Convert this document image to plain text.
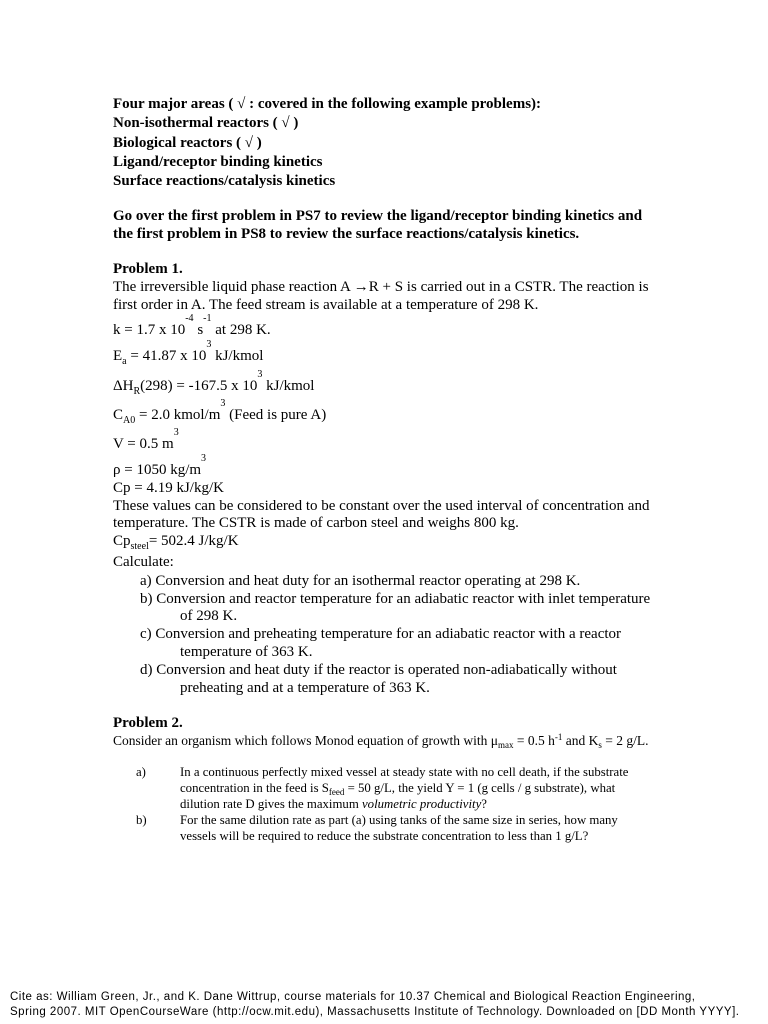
Four major areas ( √ : covered in the following example problems):
Non-isothermal reactors ( √ )
Biological reactors ( √ )
Ligand/receptor binding kinetics
Surface reactions/catalysis kinetics
Go over the first problem in PS7 to review the ligand/receptor binding kinetics and
the first problem in PS8 to review the surface reactions/catalysis kinetics.
Problem 1.
The irreversible liquid phase reaction A →R + S is carried out in a CSTR. The reaction is
first order in A. The feed stream is available at a temperature of 298 K.
k = 1.7 x $10^{-4}$ $s^{-1}$ at 298 K.
$E_a = 41.87$ x $10^3$ kJ/kmol
$\Delta H_R(298) = -167.5$ x $10^3$ kJ/kmol
$C_{A0} = 2.0$ kmol/$m^3$ (Feed is pure A)
V = 0.5 $m^3$
ρ = 1050 $kg/m^3$
Cp = 4.19 kJ/kg/K
These values can be considered to be constant over the used interval of concentration and
temperature. The CSTR is made of carbon steel and weighs 800 kg.
$Cp_{steel}= 502.4$ J/kg/K
Calculate:
a) Conversion and heat duty for an isothermal reactor operating at 298 K.
b) Conversion and reactor temperature for an adiabatic reactor with inlet temperature
of 298 K.
c) Conversion and preheating temperature for an adiabatic reactor with a reactor
temperature of 363 K.
d) Conversion and heat duty if the reactor is operated non-adiabatically without
preheating and at a temperature of 363 K.
Problem 2.
Consider an organism which follows Monod equation of growth with $\mu_{max} = 0.5$ $h^{-1}$ and $K_s = 2$ g/L.
a)	In a continuous perfectly mixed vessel at steady state with no cell death, if the substrate
concentration in the feed is $S_{feed} = 50$ g/L, the yield Y = 1 (g cells / g substrate), what
dilution rate D gives the maximum volumetric productivity?
b)	For the same dilution rate as part (a) using tanks of the same size in series, how many
vessels will be required to reduce the substrate concentration to less than 1 g/L?
Cite as: William Green, Jr., and K. Dane Wittrup, course materials for 10.37 Chemical and Biological Reaction Engineering,
Spring 2007. MIT OpenCourseWare (http://ocw.mit.edu), Massachusetts Institute of Technology. Downloaded on [DD Month YYYY].
